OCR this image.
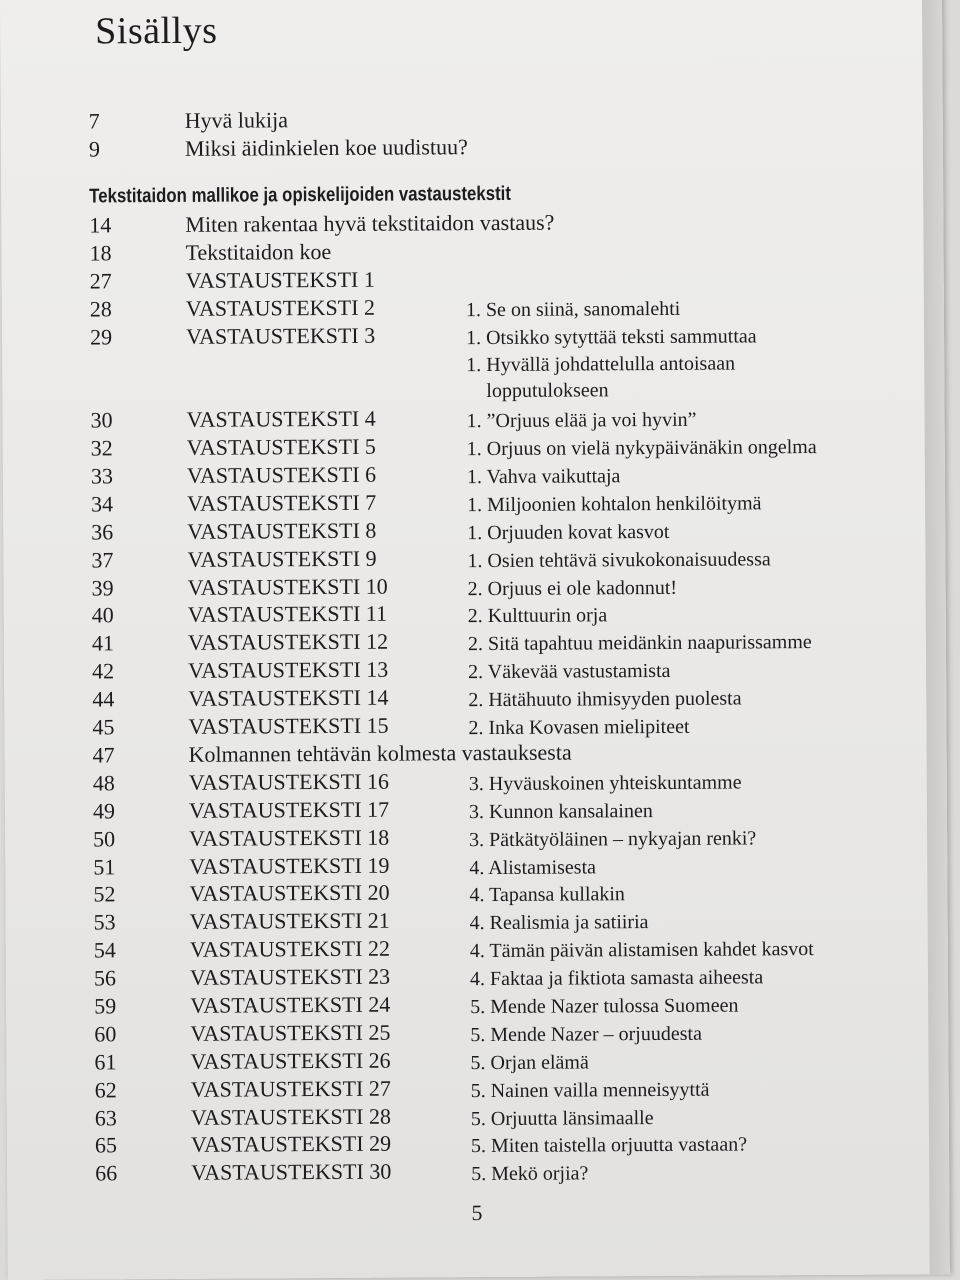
Sisällys
7	Hyvä lukija
9	Miksi äidinkielen koe uudistuu?
Tekstitaidon mallikoe ja opiskelijoiden vastaustekstit
14	Miten rakentaa hyvä tekstitaidon vastaus?
18	Tekstitaidon koe
27	VASTAUSTEKSTI 1
28	VASTAUSTEKSTI 2	1. Se on siinä, sanomalehti
29	VASTAUSTEKSTI 3	1. Otsikko sytyttää teksti sammuttaa
1. Hyvällä johdattelulla antoisaan
lopputulokseen
30	VASTAUSTEKSTI 4	1. ”Orjuus elää ja voi hyvin”
32	VASTAUSTEKSTI 5	1. Orjuus on vielä nykypäivänäkin ongelma
33	VASTAUSTEKSTI 6	1. Vahva vaikuttaja
34	VASTAUSTEKSTI 7	1. Miljoonien kohtalon henkilöitymä
36	VASTAUSTEKSTI 8	1. Orjuuden kovat kasvot
37	VASTAUSTEKSTI 9	1. Osien tehtävä sivukokonaisuudessa
39	VASTAUSTEKSTI 10	2. Orjuus ei ole kadonnut!
40	VASTAUSTEKSTI 11	2. Kulttuurin orja
41	VASTAUSTEKSTI 12	2. Sitä tapahtuu meidänkin naapurissamme
42	VASTAUSTEKSTI 13	2. Väkevää vastustamista
44	VASTAUSTEKSTI 14	2. Hätähuuto ihmisyyden puolesta
45	VASTAUSTEKSTI 15	2. Inka Kovasen mielipiteet
47	Kolmannen tehtävän kolmesta vastauksesta
48	VASTAUSTEKSTI 16	3. Hyväuskoinen yhteiskuntamme
49	VASTAUSTEKSTI 17	3. Kunnon kansalainen
50	VASTAUSTEKSTI 18	3. Pätkätyöläinen – nykyajan renki?
51	VASTAUSTEKSTI 19	4. Alistamisesta
52	VASTAUSTEKSTI 20	4. Tapansa kullakin
53	VASTAUSTEKSTI 21	4. Realismia ja satiiria
54	VASTAUSTEKSTI 22	4. Tämän päivän alistamisen kahdet kasvot
56	VASTAUSTEKSTI 23	4. Faktaa ja fiktiota samasta aiheesta
59	VASTAUSTEKSTI 24	5. Mende Nazer tulossa Suomeen
60	VASTAUSTEKSTI 25	5. Mende Nazer – orjuudesta
61	VASTAUSTEKSTI 26	5. Orjan elämä
62	VASTAUSTEKSTI 27	5. Nainen vailla menneisyyttä
63	VASTAUSTEKSTI 28	5. Orjuutta länsimaalle
65	VASTAUSTEKSTI 29	5. Miten taistella orjuutta vastaan?
66	VASTAUSTEKSTI 30	5. Mekö orjia?
5
